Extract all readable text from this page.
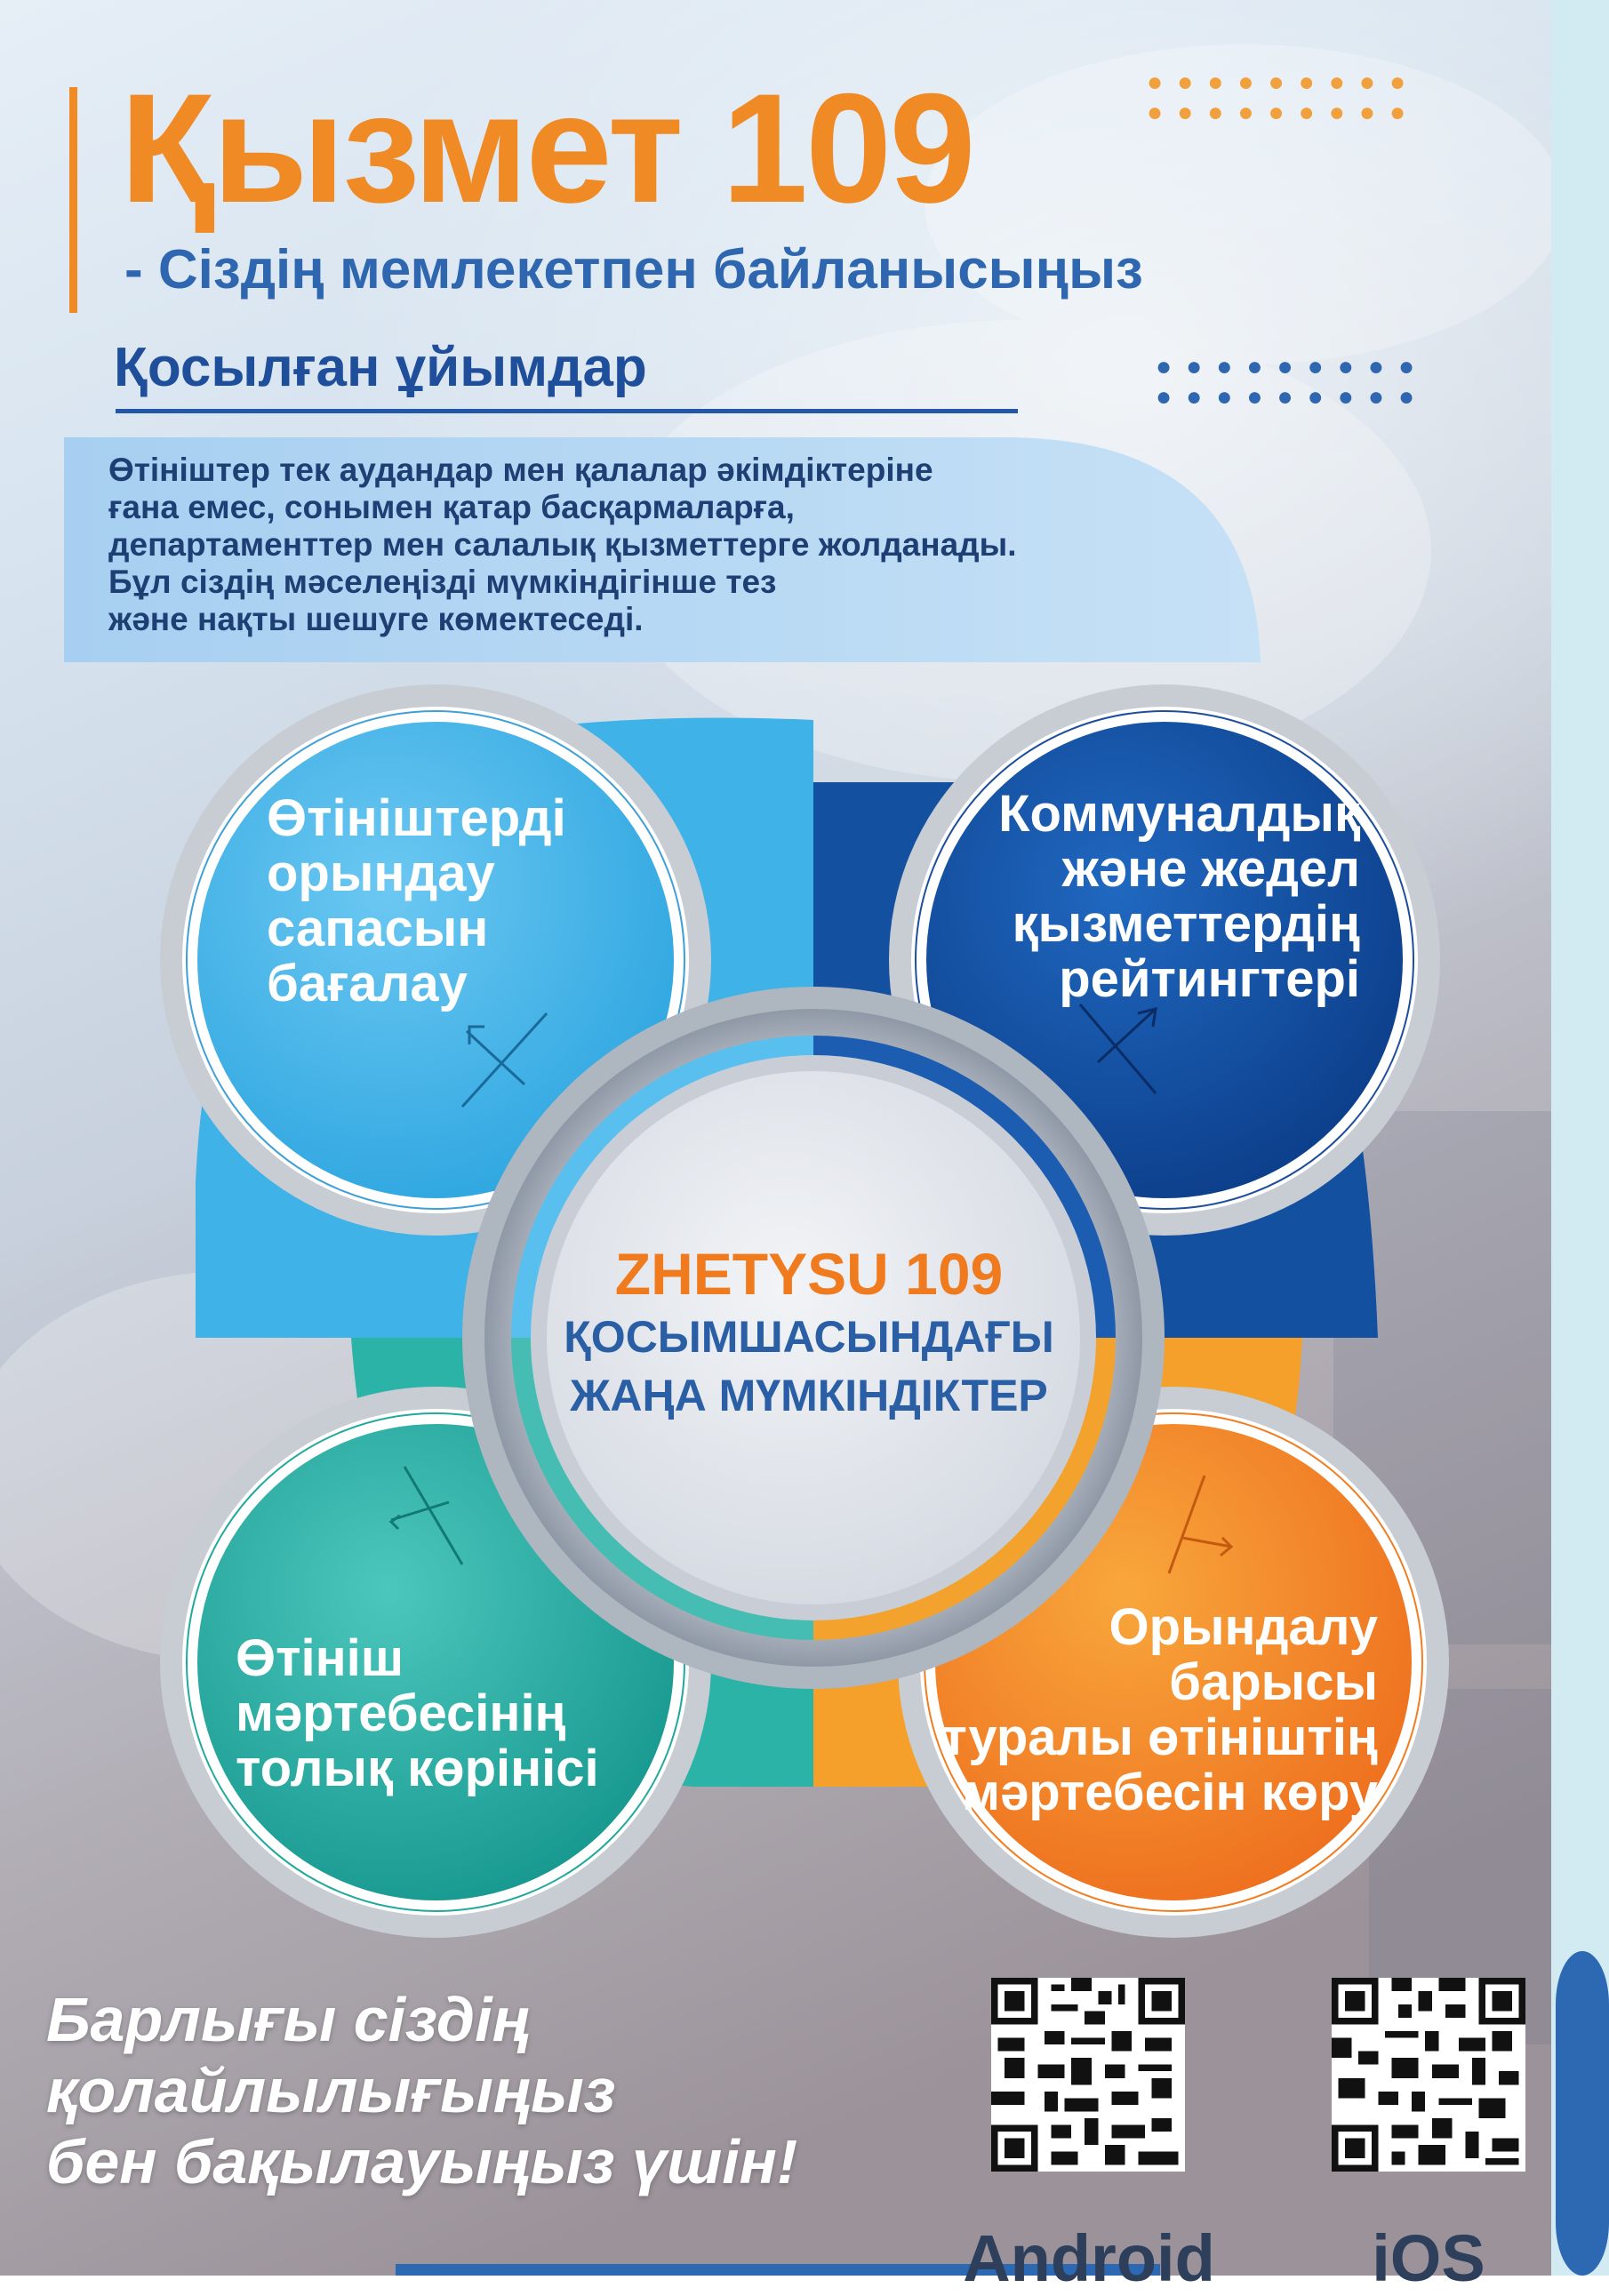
Қызмет 109
- Сіздің мемлекетпен байланысыңыз
Қосылған ұйымдар
●●●●●●●●●
●●●●●●●●●
●●●●●●●●●
●●●●●●●●●
Өтініштер тек аудандар мен қалалар әкімдіктеріне
ғана емес, сонымен қатар басқармаларға,
департаменттер мен салалық қызметтерге жолданады.
Бұл сіздің мәселеңізді мүмкіндігінше тез
және нақты шешуге көмектеседі.
Өтініштерді
орындау
сапасын
бағалау
Коммуналдық
және жедел
қызметтердің
рейтингтері
Өтініш
мәртебесінің
толық көрінісі
Орындалу
барысы
туралы өтініштің
мәртебесін көру
ZHETYSU 109
ҚОСЫМШАСЫНДАҒЫ
ЖАҢА МҮМКІНДІКТЕР
Барлығы сіздің
қолайлылығыңыз
бен бақылауыңыз үшін!
Android	iOS
